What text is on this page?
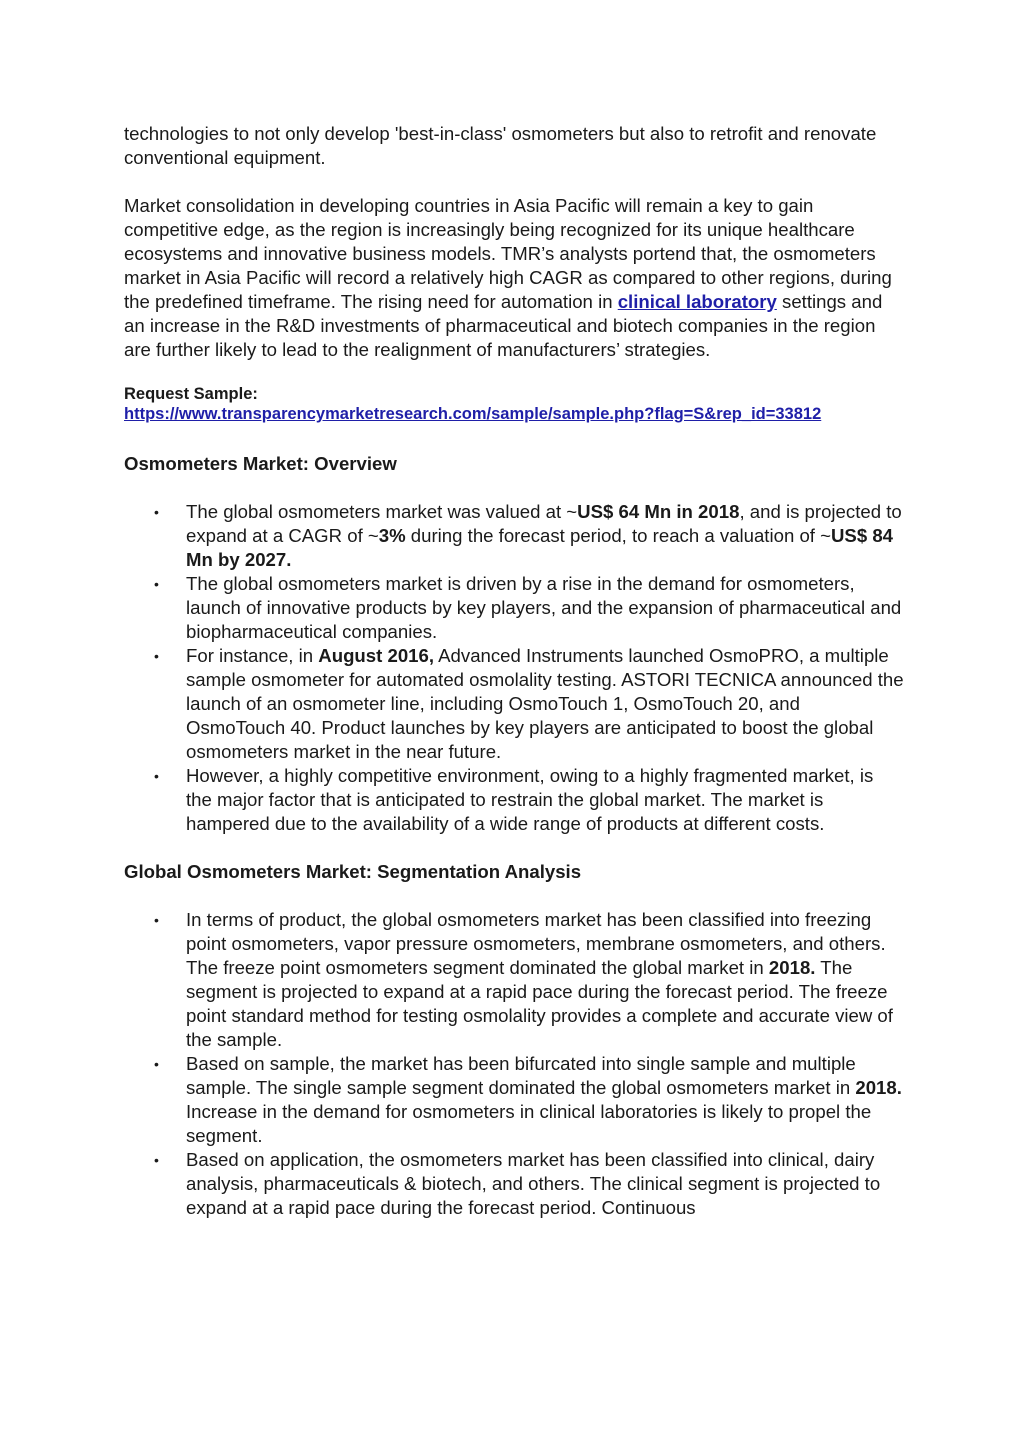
technologies to not only develop 'best-in-class' osmometers but also to retrofit and renovate conventional equipment.

Market consolidation in developing countries in Asia Pacific will remain a key to gain competitive edge, as the region is increasingly being recognized for its unique healthcare ecosystems and innovative business models. TMR’s analysts portend that, the osmometers market in Asia Pacific will record a relatively high CAGR as compared to other regions, during the predefined timeframe. The rising need for automation in clinical laboratory settings and an increase in the R&D investments of pharmaceutical and biotech companies in the region are further likely to lead to the realignment of manufacturers’ strategies.

Request Sample:
https://www.transparencymarketresearch.com/sample/sample.php?flag=S&rep_id=33812
Osmometers Market: Overview
• The global osmometers market was valued at ~US$ 64 Mn in 2018, and is projected to expand at a CAGR of ~3% during the forecast period, to reach a valuation of ~US$ 84 Mn by 2027.
• The global osmometers market is driven by a rise in the demand for osmometers, launch of innovative products by key players, and the expansion of pharmaceutical and biopharmaceutical companies.
• For instance, in August 2016, Advanced Instruments launched OsmoPRO, a multiple sample osmometer for automated osmolality testing. ASTORI TECNICA announced the launch of an osmometer line, including OsmoTouch 1, OsmoTouch 20, and OsmoTouch 40. Product launches by key players are anticipated to boost the global osmometers market in the near future.
• However, a highly competitive environment, owing to a highly fragmented market, is the major factor that is anticipated to restrain the global market. The market is hampered due to the availability of a wide range of products at different costs.
Global Osmometers Market: Segmentation Analysis
• In terms of product, the global osmometers market has been classified into freezing point osmometers, vapor pressure osmometers, membrane osmometers, and others. The freeze point osmometers segment dominated the global market in 2018. The segment is projected to expand at a rapid pace during the forecast period. The freeze point standard method for testing osmolality provides a complete and accurate view of the sample.
• Based on sample, the market has been bifurcated into single sample and multiple sample. The single sample segment dominated the global osmometers market in 2018. Increase in the demand for osmometers in clinical laboratories is likely to propel the segment.
• Based on application, the osmometers market has been classified into clinical, dairy analysis, pharmaceuticals & biotech, and others. The clinical segment is projected to expand at a rapid pace during the forecast period. Continuous
